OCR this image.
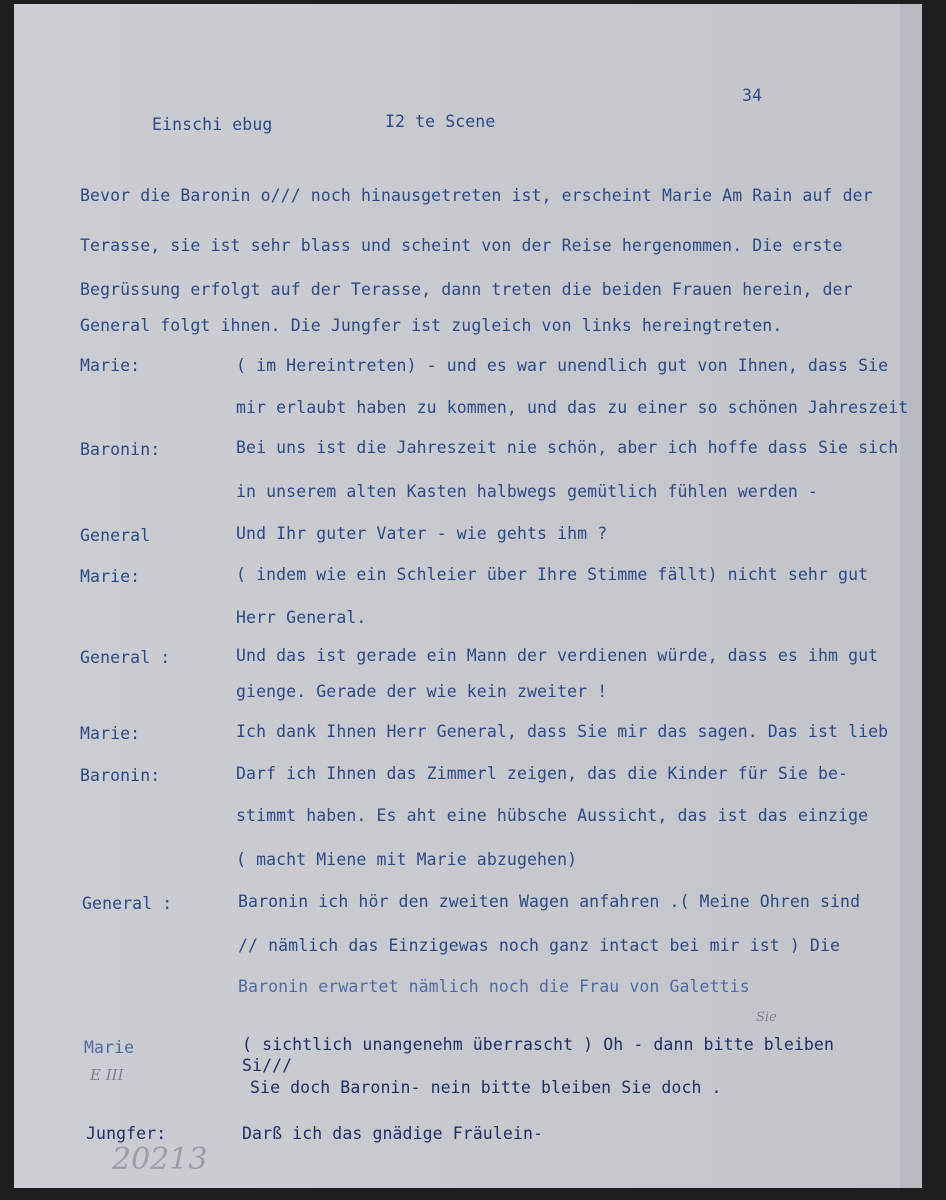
34
Einschi ebug	I2 te Scene
Bevor die Baronin o/// noch hinausgetreten ist, erscheint Marie Am Rain auf der
Terasse, sie ist sehr blass und scheint von der Reise hergenommen. Die erste
Begrüssung erfolgt auf der Terasse, dann treten die beiden Frauen herein, der
General folgt ihnen. Die Jungfer ist zugleich von links hereingtreten.
Marie:	( im Hereintreten) - und es war unendlich gut von Ihnen, dass Sie
mir erlaubt haben zu kommen, und das zu einer so schönen Jahreszeit
Baronin:	Bei uns ist die Jahreszeit nie schön, aber ich hoffe dass Sie sich
in unserem alten Kasten halbwegs gemütlich fühlen werden -
General	Und Ihr guter Vater - wie gehts ihm ?
Marie:	( indem wie ein Schleier über Ihre Stimme fällt) nicht sehr gut
Herr General.
General :	Und das ist gerade ein Mann der verdienen würde, dass es ihm gut
gienge. Gerade der wie kein zweiter !
Marie:	Ich dank Ihnen Herr General, dass Sie mir das sagen. Das ist lieb
Baronin:	Darf ich Ihnen das Zimmerl zeigen, das die Kinder für Sie be-
stimmt haben. Es aht eine hübsche Aussicht, das ist das einzige
( macht Miene mit Marie abzugehen)
General :	Baronin ich hör den zweiten Wagen anfahren .( Meine Ohren sind
// nämlich das Einzigewas noch ganz intact bei mir ist ) Die
Baronin erwartet nämlich noch die Frau von Galettis
Marie	( sichtlich unangenehm überrascht ) Oh - dann bitte bleiben
Si///
Sie doch Baronin- nein bitte bleiben Sie doch .
Jungfer:	Darß ich das gnädige Fräulein-
E III
Sie
20213
